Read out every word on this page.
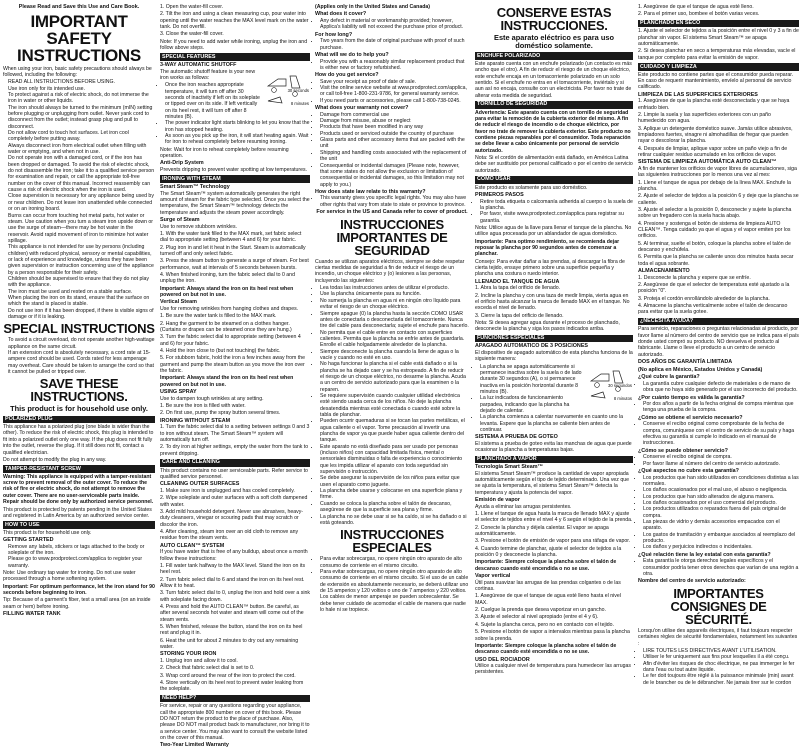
Please Read and Save this Use and Care Book.
IMPORTANT SAFETY INSTRUCTIONS

When using your iron, basic safety precautions should always be followed, including the following:

• READ ALL INSTRUCTIONS BEFORE USING.
• Use iron only for its intended use.
• To protect against a risk of electric shock, do not immerse the iron in water or other liquids.
• The iron should always be turned to the minimum (mIN) setting before plugging or unplugging from outlet. Never yank cord to disconnect from the outlet; instead grasp plug and pull to disconnect.
• Do not allow cord to touch hot surfaces. Let iron cool completely before putting away.
• Always disconnect iron from electrical outlet when filling with water or emptying, and when not in use.
• Do not operate iron with a damaged cord, or if the iron has been dropped or damaged. To avoid the risk of electric shock, do not disassemble the iron; take it to a qualified service person for examination and repair, or call the appropriate toll-free number on the cover of this manual. Incorrect reassembly can cause a risk of electric shock when the iron is used.
• Close supervision is necessary for any appliance being used by or near children. Do not leave iron unattended while connected or on an ironing board.
• Burns can occur from touching hot metal parts, hot water or steam. Use caution when you turn a steam iron upside down or use the surge of steam—there may be hot water in the reservoir. Avoid rapid movement of iron to minimize hot water spillage.
• This appliance is not intended for use by persons (including children) with reduced physical, sensory or mental capabilities, or lack of experience and knowledge, unless they have been given supervision or instruction concerning use of the appliance by a person responsible for their safety.
• Children should be supervised to ensure that they do not play with the appliance.
• The iron must be used and rested on a stable surface.
• When placing the iron on its stand, ensure that the surface on which the stand is placed is stable.
• Do not use iron if it has been dropped, if there is visible signs of damage or if it is leaking.
SPECIAL INSTRUCTIONS
• To avoid a circuit overload, do not operate another high-wattage appliance on the same circuit.
• If an extension cord is absolutely necessary, a cord rate at 15-ampere cord should be used. Cords rated for less amperage may overheat. Care should be taken to arrange the cord so that it cannot be pulled or tripped over.
SAVE THESE INSTRUCTIONS.
This product is for household use only.
POLARIZED PLUG

This appliance has a polarized plug (one blade is wider than the other). To reduce the risk of electric shock, this plug is intended to fit into a polarized outlet only one way. If the plug does not fit fully into the outlet, reverse the plug. If it still does not fit, contact a qualified electrician.

Do not attempt to modify the plug in any way.

TAMPER-RESISTANT SCREW

Warning: This appliance is equipped with a tamper-resistant screw to prevent removal of the outer cover. To reduce the risk of fire or electric shock, do not attempt to remove the outer cover. There are no user-serviceable parts inside. Repair should be done only by authorized service personnel.

This product is protected by patents pending in the United States and registered in Latin America by an authorized service center.

HOW TO USE

This product is for household use only.

GETTING STARTED
• Remove any labels, stickers or tags attached to the body or soleplate of the iron.
• Please go to www.prodprotect.com/applica to register your warranty.

Note: Use ordinary tap water for ironing. Do not use water processed through a home softening system.

Important: For optimum performance, let the iron stand for 90 seconds before beginning to iron.

Tip: Because of a garment's fiber, test a small area (on an inside seam or hem) before ironing.

FILLING WATER TANK

1. Open the water-fill cover.

2. Tilt the iron and using a clean measuring cup, pour water into opening until the water reaches the MAX level mark on the water tank. Do not overfill.

3. Close the water-fill cover.

Note: If you need to add water while ironing, unplug the iron and follow above steps.

SPECIAL FEATURES
3-WAY AUTOMATIC SHUTOFF
30 seconds
8 minutes

The automatic shutoff feature is your new iron works as follows:

• Once the iron reaches appropriate temperature, it will turn off after 30 seconds of inactivity if left on its soleplate or tipped over on its side. If left vertically on its heel rest, it will turn off after 8 minutes (B).
• The power indicator light starts blinking to let you know that the iron has stopped heating.
• As soon as you pick up the iron, it will start heating again. Wait for iron to reheat completely before resuming ironing.

Note: Wait for iron to reheat completely before resuming operation.

Anti-Drip System

Prevents dripping to prevent water spotting at low temperatures.

IRONING WITH STEAM
Smart Steam™ Technology

The Smart Steam™ system automatically generates the right amount of steam for the fabric type selected. Once you select the temperature, the Smart Steam™ technology detects the temperature and adjusts the steam power accordingly.

Surge of Steam

Use to remove stubborn wrinkles.

1. With the water tank filled to the MAX mark, set fabric select dial to appropriate setting (between 4 and 6) for your fabric.

2. Plug iron in and let it heat in the Start. Steam is automatically turned off and only select fabric.

3. Press the steam button to generate a surge of steam. For best performance, wait at intervals of 5 seconds between bursts.

4. When finished ironing, turn the fabric select dial to 0 and unplug the iron.

Important: Always stand the iron on its heel rest when powered on but not in use.

Vertical Steam

Use for removing wrinkles from hanging clothes and drapes.

1. Be sure the water tank is filled to the MAX mark.

2. Hang the garment to be steamed on a clothes hanger. (Curtains or drapes can be steamed once they are hung.)

3. Turn the fabric select dial to appropriate setting (between 4 and 6) for your fabric.

4. Hold the iron close to (but not touching) the fabric.

5. For stubborn fabric, hold the iron a few inches away from the garment and pump the steam button as you move the iron over the fabric.

Important: Always stand the iron on its heel rest when powered on but not in use.

USING SPRAY

Use to dampen tough wrinkles at any setting.

1. Be sure the iron is filled with water.

2. On first use, pump the spray button several times.

IRONING WITHOUT STEAM

1. Turn the fabric select dial to a setting between settings 0 and 3 to iron without steam. The Smart Steam™ system will automatically turn off.

2. To dry iron at higher settings, empty the water from the tank to prevent dripping.

CARE AND CLEANING

This product contains no user serviceable parts. Refer service to qualified service personnel.

CLEANING OUTER SURFACES

1. Make sure iron is unplugged and has cooled completely.

2. Wipe soleplate and outer surfaces with a soft cloth dampened with water.

3. Add mild household detergent. Never use abrasives, heavy-duty cleansers, vinegar or scouring pads that may scratch or discolor the iron.

4. After cleaning, steam iron over an old cloth to remove any residue from the steam vents.

AUTO CLEAN™ SYSTEM

If you have water that is free of any buildup, about once a month follow these instructions:

1. Fill water tank halfway to the MAX level. Stand the iron on its heel rest.

2. Turn fabric select dial to 6 and stand the iron on its heel rest. Allow it to heat.

3. Turn fabric select dial to 0, unplug the iron and hold over a sink with soleplate facing down.

4. Press and hold the AUTO CLEAN™ button. Be careful, as after several seconds hot water and steam will come out of the steam vents.

5. When finished, release the button, stand the iron on its heel rest and plug it in.

6. Heat the unit for about 2 minutes to dry out any remaining water.

STORING YOUR IRON

1. Unplug iron and allow it to cool.

2. Check that fabric select dial is set to 0.

3. Wrap cord around the rear of the iron to protect the cord.

4. Store vertically on its heel rest to prevent water leaking from the soleplate.

NEED HELP?

For service, repair or any questions regarding your appliance, call the appropriate 800 number on cover of this book. Please DO NOT return the product to the place of purchase. Also, please DO NOT mail product back to manufacturer, nor bring it to a service center. You may also want to consult the website listed on the cover of this manual.

Two-Year Limited Warranty

(Applies only in the United States and Canada)

What does it cover?
• Any defect in material or workmanship provided; however, Applica's liability will not exceed the purchase price of product.
For how long?
• Two years from the date of original purchase with proof of such purchase.
What will we do to help you?
• Provide you with a reasonably similar replacement product that is either new or factory refurbished.
How do you get service?
• Save your receipt as proof of date of sale.
• Visit the online service website at www.prodprotect.com/applica, or call toll-free 1-800-231-9786, for general warranty service.
• If you need parts or accessories, please call 1-800-738-0245.
What does your warranty not cover?
• Damage from commercial use
• Damage from misuse, abuse or neglect
• Products that have been modified in any way
• Products used or serviced outside the country of purchase
• Glass parts and other accessory items that are packed with the unit
• Shipping and handling costs associated with the replacement of the unit
• Consequential or incidental damages (Please note, however, that some states do not allow the exclusion or limitation of consequential or incidental damages, so this limitation may not apply to you.)
How does state law relate to this warranty?
• This warranty gives you specific legal rights. You may also have other rights that vary from state to state or province to province.
For service in the US and Canada refer to cover of product.
INSTRUCCIONES IMPORTANTES DE SEGURIDAD

Cuando se utilizan aparatos eléctricos, siempre se debe respetar ciertas medidas de seguridad a fin de reducir el riesgo de un incendio, un choque eléctrico y (o) lesiones a las personas, incluyendo las siguientes:

• Lea todas las instrucciones antes de utilizar el producto.
• Use la plancha únicamente para su función.
• No sumerja la plancha en agua ni en ningún otro líquido para evitar el riesgo de un choque eléctrico.
• Siempre apague (0) la plancha hasta la sección COMO USAR antes de conectarla o desconectarla del tomacorriente. Nunca tire del cable para desconectarla; sujete el enchufe para hacerlo.
• No permita que el cable entre en contacto con superficies calientes. Permita que la plancha se enfríe antes de guardarla. Enrolle el cable holgadamente alrededor de la plancha.
• Siempre desconecte la plancha cuando la llene de agua o la vacíe y cuando no esté en uso.
• No haga funcionar la plancha si el cable está dañado o si la plancha se ha dejado caer y se ha estropeado. A fin de reducir el riesgo de un choque eléctrico, no desarme la plancha. Acuda a un centro de servicio autorizado para que la examinen o la reparen.
• Se requiere supervisión cuando cualquier utilidad electrónica esté siendo usada cerca de los niños. No deje la plancha desatendida mientras esté conectada o cuando esté sobre la tabla de planchar.
• Pueden ocurrir quemaduras si se tocan las partes metálicas, el agua caliente o el vapor. Tome precaución al invertir una plancha de vapor ya que puede haber agua caliente dentro del tanque.
• Este aparato no está diseñado para ser usado por personas (incluso niños) con capacidad limitada física, mental o sensoriales disminuidas o falta de experiencia o conocimiento que les impida utilizar el aparato con toda seguridad sin supervisión o instrucción.
• Se debe asegurar la supervisión de los niños para evitar que usen el aparato como juguete.
• La plancha debe usarse y colocarse en una superficie plana y firme.
• Cuando se coloca la plancha sobre el talón de descanso, asegúrese de que la superficie sea plana y firme.
• La plancha no se debe usar si se ha caído, si se ha dañado o si está goteando.
INSTRUCCIONES ESPECIALES
• Para evitar sobrecargas, no opere ningún otro aparato de alto consumo de corriente en el mismo circuito.
• Para evitar sobrecargas, no opere ningún otro aparato de alto consumo de corriente en el mismo circuito. Si el uso de un cable de extensión es absolutamente necesario, se deberá utilizar uno de 15 amperios y 120 voltios o uno de 7 amperios y 220 voltios. Los cables de menor amperaje se pueden sobrecalentar. Se debe tener cuidado de acomodar el cable de manera que nadie lo hale ni se tropiece.
CONSERVE ESTAS INSTRUCCIONES.
Este aparato eléctrico es para uso doméstico solamente.
ENCHUFE POLARIZADO

Este aparato cuenta con un enchufe polarizado (un contacto es más ancho que el otro). A fin de reducir el riesgo de un choque eléctrico, este enchufe encaja en un tomacorriente polarizado en un solo sentido. Si el enchufe no entra en el tomacorriente, inviértalo y si aun así no encaja, consulte con un electricista. Por favor no trate de alterar esta medida de seguridad.

TORNILLO DE SEGURIDAD

Advertencia: Este aparato cuenta con un tornillo de seguridad para evitar la remoción de la cubierta exterior del mismo. A fin de reducir el riesgo de incendio o de choque eléctrico, por favor no trate de remover la cubierta exterior. Este producto no contiene piezas reparables por el consumidor. Toda reparación se debe llevar a cabo únicamente por personal de servicio autorizado.

Nota: Si el cordón de alimentación está dañado, en América Latina debe ser sustituido por personal calificado o por el centro de servicio autorizado.

COMO USAR

Este producto es solamente para uso doméstico.

PRIMEROS PASOS
• Retire toda etiqueta o calcomanía adherida al cuerpo o la suela de la plancha.
• Por favor, visite www.prodprotect.com/applica para registrar su garantía.

Nota: Utilice agua de la llave para llenar el tanque de la plancha. No utilice agua procesada por un ablandador de agua doméstico.

Importante: Para optimo rendimiento, se recomienda dejar reposar la plancha por 90 segundos antes de comenzar a planchar.

Consejo: Para evitar dañar a las prendas, al descargar la fibra de cierta tejido, ensaye primero sobre una superficie pequeña y plancha una costura o ruedo interior.

LLENADO EL TANQUE DE AGUA

1. Abra la tapa del orificio de llenado.

2. Incline la plancha y con una taza de medir limpia, vierta agua en el orificio hasta alcanzar la marca de llenado MAX en el tanque. No exceda el nivel de llenado.

3. Cierre la tapa del orificio de llenado.

Nota: Si desea agregar agua durante el proceso de planchado, desconecte la plancha y siga los pasos indicados arriba.

FUNCIONES ESPECIALES
APAGADO AUTOMATICO DE 3 POSICIONES

El dispositivo de apagado automático de esta plancha funciona de la siguiente manera:

30 segundos
8 minutos
• La plancha se apaga automáticamente si permanece inactiva sobre la suela o de lado durante 30 segundos (A), o si permanece inactiva en la posición horizontal durante 8 minutos (B).
• La luz indicadora de funcionamiento parpadea, indicando que la plancha ha dejado de calentar.
• La plancha comienza a calentar nuevamente en cuanto uno la levanta. Espere que la plancha se caliente bien antes de continuar.
SISTEMA A PRUEBA DE GOTEO

El sistema a prueba de goteo evita las manchas de agua que puede ocasionar la plancha a temperaturas bajas.

PLANCHADO A VAPOR
Tecnología Smart Steam™

El sistema Smart Steam™ produce la cantidad de vapor apropiada automáticamente según el tipo de tejido determinado. Una vez que se ajusta la temperatura, el sistema Smart Steam™ detecta la temperatura y ajusta la potencia del vapor.

Emisión de vapor

Ayuda a eliminar las arrugas persistentes.

1. Llene el tanque de agua hasta la marca de llenado MAX y ajuste el selector de tejidos entre el nivel 4 y 6 según el tejido de la prenda.

2. Conecte la plancha y déjela calentar. El vapor se apaga automáticamente.

3. Presione el botón de emisión de vapor para una ráfaga de vapor.

4. Cuando termine de planchar, ajuste el selector de tejidos a la posición 0 y desconecte la plancha.

Importante: Siempre coloque la plancha sobre el talón de descanso cuando esté encendida o no se use.

Vapor vertical

Útil para suavizar las arrugas de las prendas colgantes o de las cortinas.

1. Asegúrese de que el tanque de agua esté lleno hasta el nivel MAX.

2. Cuelgue la prenda que desea vaporizar en un gancho.

3. Ajuste el selector al nivel apropiado (entre el 4 y 6).

4. Sujete la plancha cerca, pero no en contacto con el tejido.

5. Presione el botón de vapor a intervalos mientras pasa la plancha sobre la prenda.

Importante: Siempre coloque la plancha sobre el talón de descanso cuando esté encendida o no se use.

USO DEL ROCIADOR

Utilice a cualquier nivel de temperatura para humedecer las arrugas persistentes.

1. Asegúrese de que el tanque de agua esté lleno.

2. Para el primer uso, bombee el botón varias veces.

PLANCHADO EN SECO

1. Ajuste el selector de tejidos a la posición entre el nivel 0 y 3 a fin de planchar sin vapor. El sistema Smart Steam™ se apaga automáticamente.

2. Si desea planchar en seco a temperaturas más elevadas, vacíe el tanque por completo para evitar la emisión de vapor.

CUIDADO Y LIMPIEZA

Este producto no contiene partes que el consumidor pueda reparar. En caso de requerir mantenimiento, envíelo al personal de servicio calificado.

LIMPIEZA DE LAS SUPERFICIES EXTERIORES

1. Asegúrese de que la plancha esté desconectada y que se haya enfriado bien.

2. Limpie la suela y las superficies exteriores con un paño humedecido con agua.

3. Aplique un detergente doméstico suave. Jamás utilice abrasivos, limpiadores fuertes, vinagre ni almohadillas de fregar que pueden rayar o descolorar la plancha.

4. Después de limpiar, aplique vapor sobre un paño viejo a fin de retirar cualquier residuo acumulado en los orificios de vapor.

SISTEMA DE LIMPIEZA AUTOMÁTICA AUTO CLEAN™

A fin de mantener los orificios de vapor libres de acumulaciones, siga las siguientes instrucciones por lo menos una vez al mes:

1. Llene el tanque de agua por debajo de la línea MAX. Enchufe la plancha.

2. Ajuste el selector de tejidos a la posición 6 y deje que la plancha se caliente.

3. Ajuste el selector a la posición 0, desconecte y sujete la plancha sobre un fregadero con la suela hacia abajo.

4. Presione y sostenga el botón de sistema de limpieza AUTO CLEAN™. Tenga cuidado ya que el agua y el vapor emiten por los orificios.

5. Al terminar, suelte el botón, coloque la plancha sobre el talón de descanso y enchúfela.

6. Permita que la plancha se caliente unos dos minutos hasta secar toda el agua sobrante.

ALMACENAMIENTO

1. Desconecte la plancha y espere que se enfríe.

2. Asegúrese de que el selector de temperatura esté ajustado a la posición "0".

3. Proteja el cordón enrollándolo alrededor de la plancha.

4. Almacene la plancha verticalmente sobre el talón de descanso para evitar que la suela gotee.

¿NECESITA AYUDA?

Para servicio, reparaciones o preguntas relacionadas al producto, por favor llame al número del centro de servicio que se indica para el país donde usted compró su producto. NO devuelva el producto al fabricante. Llame o lleve el producto a un centro de servicio autorizado.

DOS AÑOS DE GARANTÍA LIMITADA
(No aplica en México, Estados Unidos y Canadá)
¿Qué cubre la garantía?
• La garantía cubre cualquier defecto de materiales o de mano de obra que no haya sido generado por el uso incorrecto del producto.
¿Por cuánto tiempo es válida la garantía?
• Por dos años a partir de la fecha original de compra mientras que tenga una prueba de la compra.
¿Cómo se obtiene el servicio necesario?
• Conserve el recibo original como comprobante de la fecha de compra, comuníquese con el centro de servicio de su país y haga efectiva su garantía si cumple lo indicado en el manual de instrucciones.
¿Cómo se puede obtener servicio?
• Conserve el recibo original de compra.
• Por favor llame al número del centro de servicio autorizado.
¿Qué aspectos no cubre esta garantía?
• Los productos que han sido utilizados en condiciones distintas a las normales.
• Los daños ocasionados por el mal uso, el abuso o negligencia.
• Los productos que han sido alterados de alguna manera.
• Los daños ocasionados por el uso comercial del producto.
• Los productos utilizados o reparados fuera del país original de compra.
• Las piezas de vidrio y demás accesorios empacados con el aparato.
• Los gastos de tramitación y embarque asociados al reemplazo del producto.
• Los daños y perjuicios indirectos o incidentales.
¿Qué relación tiene la ley estatal con esta garantía?
• Esta garantía le otorga derechos legales específicos y el consumidor podría tener otros derechos que varían de una región a otra.
Nombre del centro de servicio autorizado:
IMPORTANTES CONSIGNES DE SÉCURITÉ.

Lorsqu'on utilise des appareils électriques, il faut toujours respecter certaines règles de sécurité fondamentales, notamment les suivantes :

• LIRE TOUTES LES DIRECTIVES AVANT L'UTILISATION.
• Utiliser le fer uniquement aux fins pour lesquelles il a été conçu.
• Afin d'éviter les risques de choc électrique, ne pas immerger le fer dans l'eau ou tout autre liquide.
• Le fer doit toujours être réglé à la puissance minimale (min) avant de le brancher ou de le débrancher. Ne jamais tirer sur le cordon
